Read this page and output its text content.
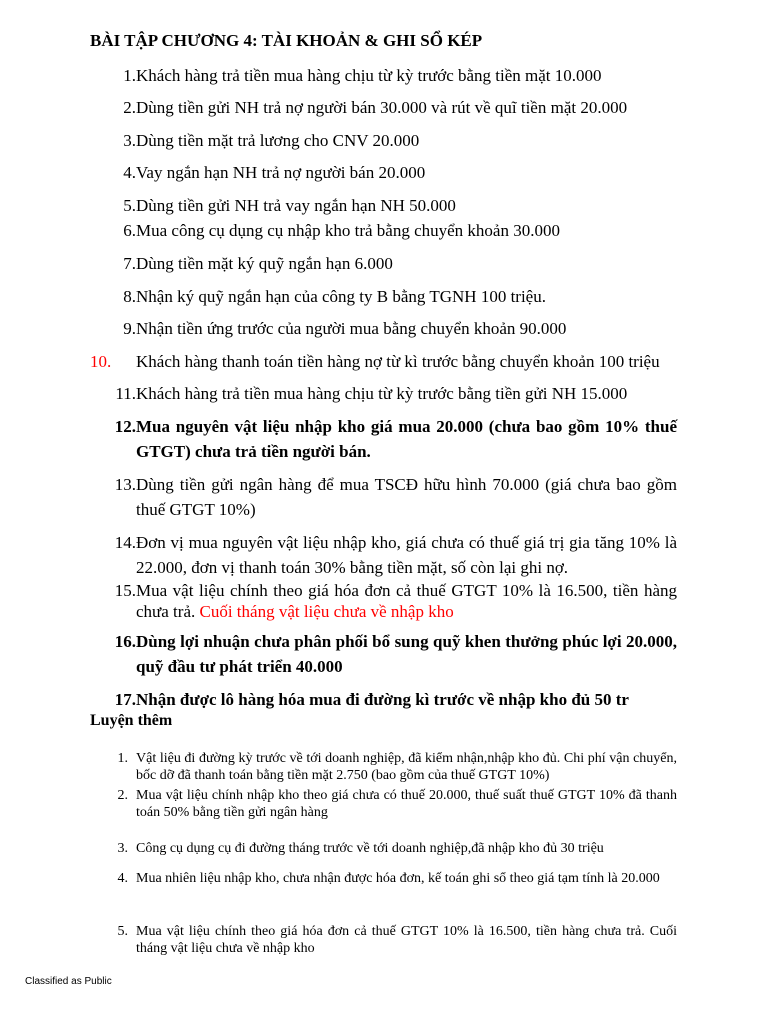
BÀI TẬP CHƯƠNG 4: TÀI KHOẢN & GHI SỔ KÉP
1. Khách hàng trả tiền mua hàng chịu từ kỳ trước bằng tiền mặt 10.000
2. Dùng tiền gửi NH trả nợ người bán 30.000 và rút về quĩ tiền mặt 20.000
3. Dùng tiền mặt trả lương cho CNV 20.000
4. Vay ngắn hạn NH trả nợ người bán 20.000
5. Dùng tiền gửi NH trả vay ngắn hạn NH 50.000
6. Mua công cụ dụng cụ nhập kho trả bằng chuyển khoản 30.000
7. Dùng tiền mặt ký quỹ ngắn hạn 6.000
8. Nhận ký quỹ ngắn hạn của công ty B bằng TGNH 100 triệu.
9. Nhận tiền ứng trước của người mua bằng chuyển khoản 90.000
10.	Khách hàng thanh toán tiền hàng nợ từ kì trước bằng chuyển khoản 100 triệu
11. Khách hàng trả tiền mua hàng chịu từ kỳ trước bằng tiền gửi NH 15.000
12. Mua nguyên vật liệu nhập kho giá mua 20.000 (chưa bao gồm 10% thuế GTGT) chưa trả tiền người bán.
13. Dùng tiền gửi ngân hàng để mua TSCĐ hữu hình 70.000 (giá chưa bao gồm thuế GTGT 10%)
14. Đơn vị mua nguyên vật liệu nhập kho, giá chưa có thuế giá trị gia tăng 10% là 22.000, đơn vị thanh toán 30% bằng tiền mặt, số còn lại ghi nợ.
15. Mua vật liệu chính theo giá hóa đơn cả thuế GTGT 10% là 16.500, tiền hàng chưa trả. Cuối tháng vật liệu chưa về nhập kho
16. Dùng lợi nhuận chưa phân phối bổ sung quỹ khen thưởng phúc lợi 20.000, quỹ đầu tư phát triển 40.000
17. Nhận được lô hàng hóa mua đi đường kì trước về nhập kho đủ 50 tr
Luyện thêm
1. Vật liệu đi đường kỳ trước về tới doanh nghiệp, đã kiểm nhận,nhập kho đủ. Chi phí vận chuyển, bốc dỡ đã thanh toán bằng tiền mặt 2.750 (bao gồm của thuế GTGT 10%)
2. Mua vật liệu chính nhập kho theo giá chưa có thuế 20.000, thuế suất thuế GTGT 10% đã thanh toán 50% bằng tiền gửi ngân hàng
3. Công cụ dụng cụ đi đường tháng trước về tới doanh nghiệp,đã nhập kho đủ 30 triệu
4. Mua nhiên liệu nhập kho, chưa nhận được hóa đơn, kế toán ghi sổ theo giá tạm tính là 20.000
5. Mua vật liệu chính theo giá hóa đơn cả thuế GTGT 10% là 16.500, tiền hàng chưa trả. Cuối tháng vật liệu chưa về nhập kho
Classified as Public
